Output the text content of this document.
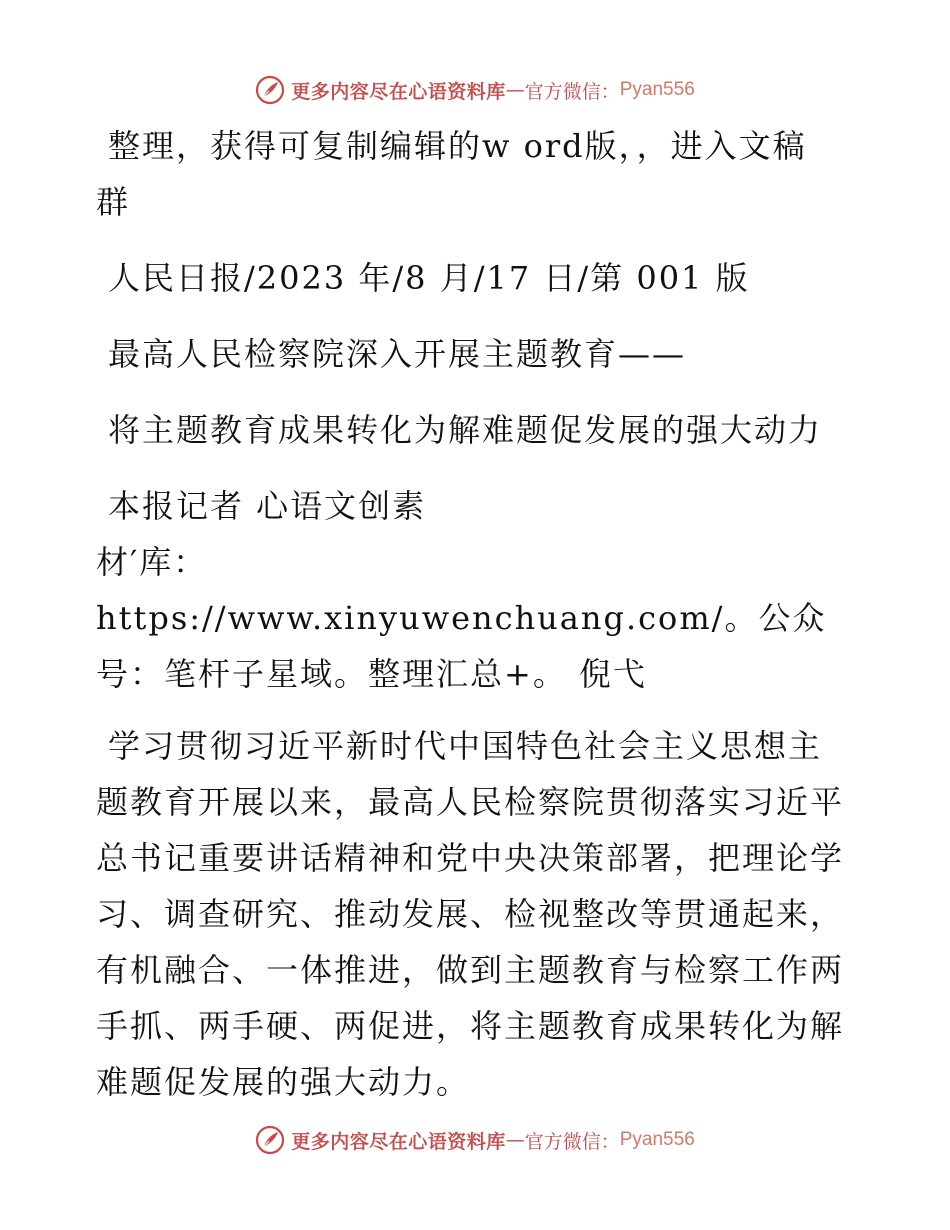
更多内容尽在心语资料库 — 官方微信： Pyan556

整理，获得可复制编辑的w ord版，，进入文稿

群

人民日报/2023 年/8 月/17 日/第 001 版

最高人民检察院深入开展主题教育——

将主题教育成果转化为解难题促发展的强大动力

本报记者 心语文创素

材′库：https://www.xinyuwenchuang.com/。公众

号：笔杆子星域。整理汇总+。 倪弋

学习贯彻习近平新时代中国特色社会主义思想主

题教育开展以来，最高人民检察院贯彻落实习近平

总书记重要讲话精神和党中央决策部署，把理论学

习、调查研究、推动发展、检视整改等贯通起来，

有机融合、一体推进，做到主题教育与检察工作两

手抓、两手硬、两促进，将主题教育成果转化为解

难题促发展的强大动力。

更多内容尽在心语资料库 — 官方微信： Pyan556
